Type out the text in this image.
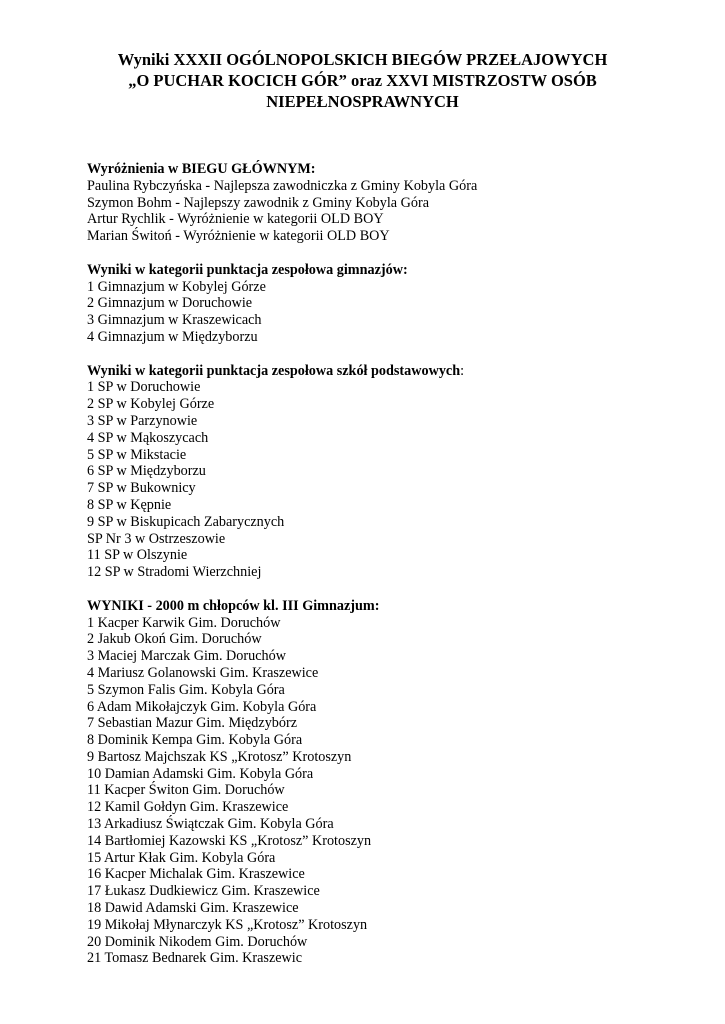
Wyniki XXXII OGÓLNOPOLSKICH BIEGÓW PRZEŁAJOWYCH
„O PUCHAR KOCICH GÓR” oraz XXVI MISTRZOSTW OSÓB
NIEPEŁNOSPRAWNYCH
Wyróżnienia w BIEGU GŁÓWNYM:
Paulina Rybczyńska - Najlepsza zawodniczka z Gminy Kobyla Góra
Szymon Bohm - Najlepszy zawodnik z Gminy Kobyla Góra
Artur Rychlik - Wyróżnienie w kategorii OLD BOY
Marian Świtoń - Wyróżnienie w kategorii OLD BOY
Wyniki w kategorii punktacja zespołowa gimnazjów:
1 Gimnazjum w Kobylej Górze
2 Gimnazjum w Doruchowie
3 Gimnazjum w Kraszewicach
4 Gimnazjum w Międzyborzu
Wyniki w kategorii punktacja zespołowa szkół podstawowych:
1 SP w Doruchowie
2 SP w Kobylej Górze
3 SP w Parzynowie
4 SP w Mąkoszycach
5 SP w Mikstacie
6 SP w Międzyborzu
7 SP w Bukownicy
8 SP w Kępnie
9 SP w Biskupicach Zabarycznych
SP Nr 3 w Ostrzeszowie
11 SP w Olszynie
12 SP w Stradomi Wierzchniej
WYNIKI - 2000 m chłopców kl. III Gimnazjum:
1 Kacper Karwik Gim. Doruchów
2 Jakub Okoń Gim. Doruchów
3 Maciej Marczak Gim. Doruchów
4 Mariusz Golanowski Gim. Kraszewice
5 Szymon Falis Gim. Kobyla Góra
6 Adam Mikołajczyk Gim. Kobyla Góra
7 Sebastian Mazur Gim. Międzybórz
8 Dominik Kempa Gim. Kobyla Góra
9 Bartosz Majchszak KS „Krotosz” Krotoszyn
10 Damian Adamski Gim. Kobyla Góra
11 Kacper Świton Gim. Doruchów
12 Kamil Gołdyn Gim. Kraszewice
13 Arkadiusz Świątczak Gim. Kobyla Góra
14 Bartłomiej Kazowski KS „Krotosz” Krotoszyn
15 Artur Kłak Gim. Kobyla Góra
16 Kacper Michalak Gim. Kraszewice
17 Łukasz Dudkiewicz Gim. Kraszewice
18 Dawid Adamski Gim. Kraszewice
19 Mikołaj Młynarczyk KS „Krotosz” Krotoszyn
20 Dominik Nikodem Gim. Doruchów
21 Tomasz Bednarek Gim. Kraszewic
